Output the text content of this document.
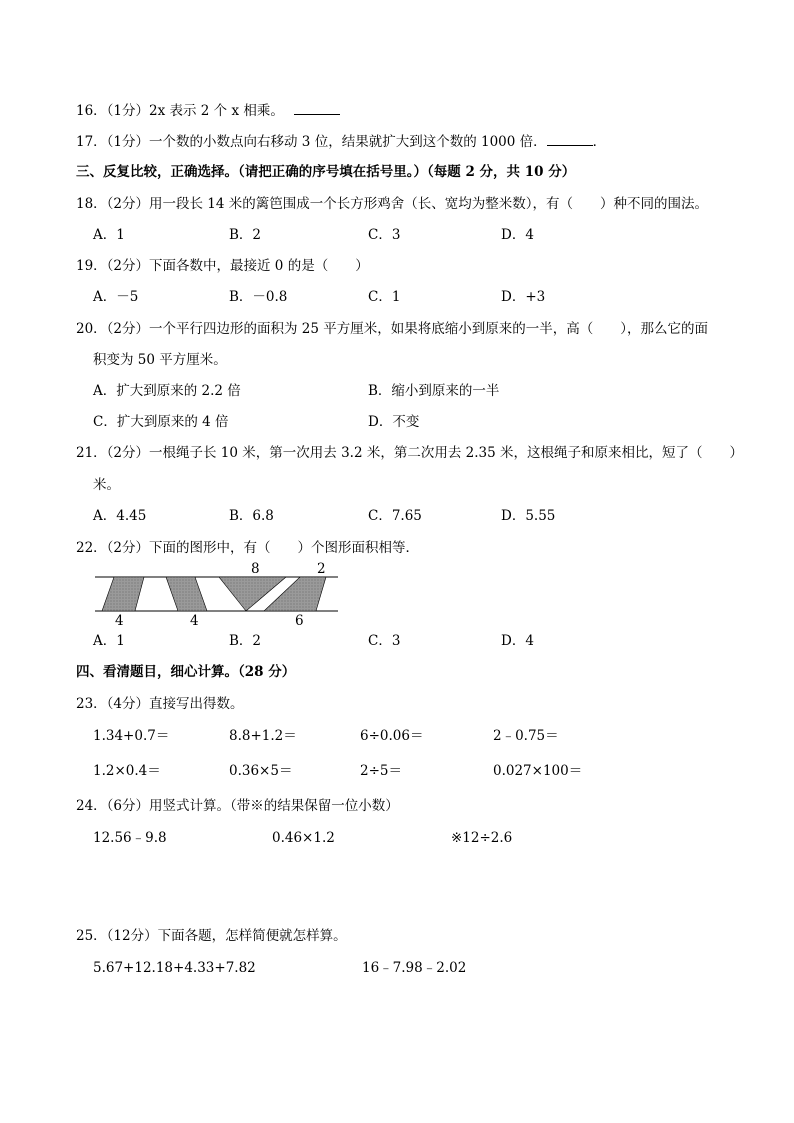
16．（1分）2x 表示 2 个 x 相乘。
17．（1分）一个数的小数点向右移动 3 位，结果就扩大到这个数的 1000 倍．	．
三、反复比较，正确选择。（请把正确的序号填在括号里。）（每题 2 分，共 10 分）
18．（2分）用一段长 14 米的篱笆围成一个长方形鸡舍（长、宽均为整米数），有（　　）种不同的围法。
A．1	B．2	C．3	D．4
19．（2分）下面各数中，最接近 0 的是（　　）
A．－5	B．－0.8	C．1	D．+3
20．（2分）一个平行四边形的面积为 25 平方厘米，如果将底缩小到原来的一半，高（　　），那么它的面
积变为 50 平方厘米。
A．扩大到原来的 2.2 倍	B．缩小到原来的一半
C．扩大到原来的 4 倍	D．不变
21．（2分）一根绳子长 10 米，第一次用去 3.2 米，第二次用去 2.35 米，这根绳子和原来相比，短了（　　）
米。
A．4.45	B．6.8	C．7.65	D．5.55
22．（2分）下面的图形中，有（　　）个图形面积相等．
8	2
4	4	6
A．1	B．2	C．3	D．4
四、看清题目，细心计算。（28 分）
23．（4分）直接写出得数。
1.34+0.7＝	8.8+1.2＝	6÷0.06＝	2﹣0.75＝
1.2×0.4＝	0.36×5＝	2÷5＝	0.027×100＝
24．（6分）用竖式计算。（带※的结果保留一位小数）
12.56﹣9.8	0.46×1.2	※12÷2.6
25．（12分）下面各题，怎样简便就怎样算。
5.67+12.18+4.33+7.82	16﹣7.98﹣2.02
